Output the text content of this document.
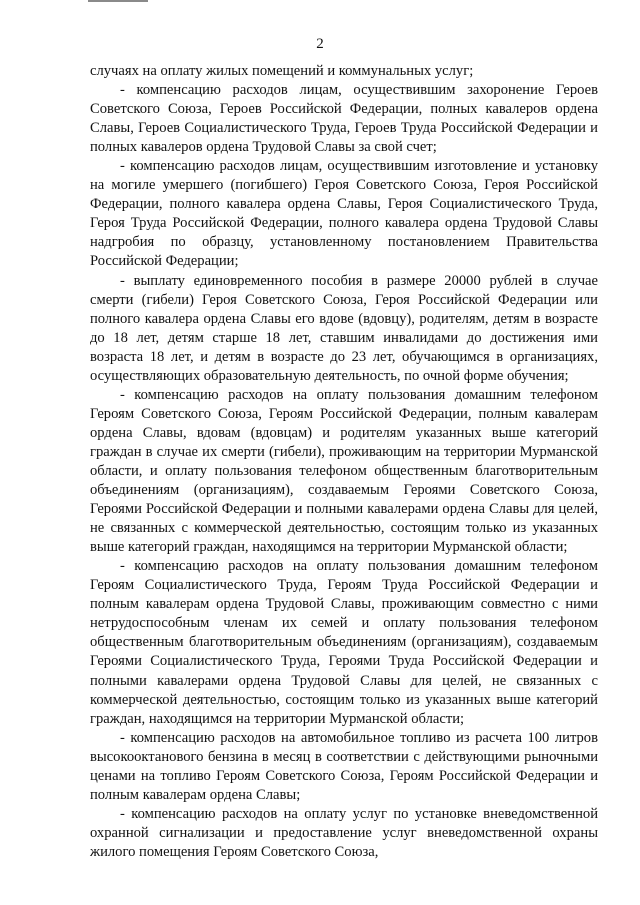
2

случаях на оплату жилых помещений и коммунальных услуг;

- компенсацию расходов лицам, осуществившим захоронение Героев Советского Союза, Героев Российской Федерации, полных кавалеров ордена Славы, Героев Социалистического Труда, Героев Труда Российской Федерации и полных кавалеров ордена Трудовой Славы за свой счет;

- компенсацию расходов лицам, осуществившим изготовление и установку на могиле умершего (погибшего) Героя Советского Союза, Героя Российской Федерации, полного кавалера ордена Славы, Героя Социалистического Труда, Героя Труда Российской Федерации, полного кавалера ордена Трудовой Славы надгробия по образцу, установленному постановлением Правительства Российской Федерации;

- выплату единовременного пособия в размере 20000 рублей в случае смерти (гибели) Героя Советского Союза, Героя Российской Федерации или полного кавалера ордена Славы его вдове (вдовцу), родителям, детям в возрасте до 18 лет, детям старше 18 лет, ставшим инвалидами до достижения ими возраста 18 лет, и детям в возрасте до 23 лет, обучающимся в организациях, осуществляющих образовательную деятельность, по очной форме обучения;

- компенсацию расходов на оплату пользования домашним телефоном Героям Советского Союза, Героям Российской Федерации, полным кавалерам ордена Славы, вдовам (вдовцам) и родителям указанных выше категорий граждан в случае их смерти (гибели), проживающим на территории Мурманской области, и оплату пользования телефоном общественным благотворительным объединениям (организациям), создаваемым Героями Советского Союза, Героями Российской Федерации и полными кавалерами ордена Славы для целей, не связанных с коммерческой деятельностью, состоящим только из указанных выше категорий граждан, находящимся на территории Мурманской области;

- компенсацию расходов на оплату пользования домашним телефоном Героям Социалистического Труда, Героям Труда Российской Федерации и полным кавалерам ордена Трудовой Славы, проживающим совместно с ними нетрудоспособным членам их семей и оплату пользования телефоном общественным благотворительным объединениям (организациям), создаваемым Героями Социалистического Труда, Героями Труда Российской Федерации и полными кавалерами ордена Трудовой Славы для целей, не связанных с коммерческой деятельностью, состоящим только из указанных выше категорий граждан, находящимся на территории Мурманской области;

- компенсацию расходов на автомобильное топливо из расчета 100 литров высокооктанового бензина в месяц в соответствии с действующими рыночными ценами на топливо Героям Советского Союза, Героям Российской Федерации и полным кавалерам ордена Славы;

- компенсацию расходов на оплату услуг по установке вневедомственной охранной сигнализации и предоставление услуг вневедомственной охраны жилого помещения Героям Советского Союза,
